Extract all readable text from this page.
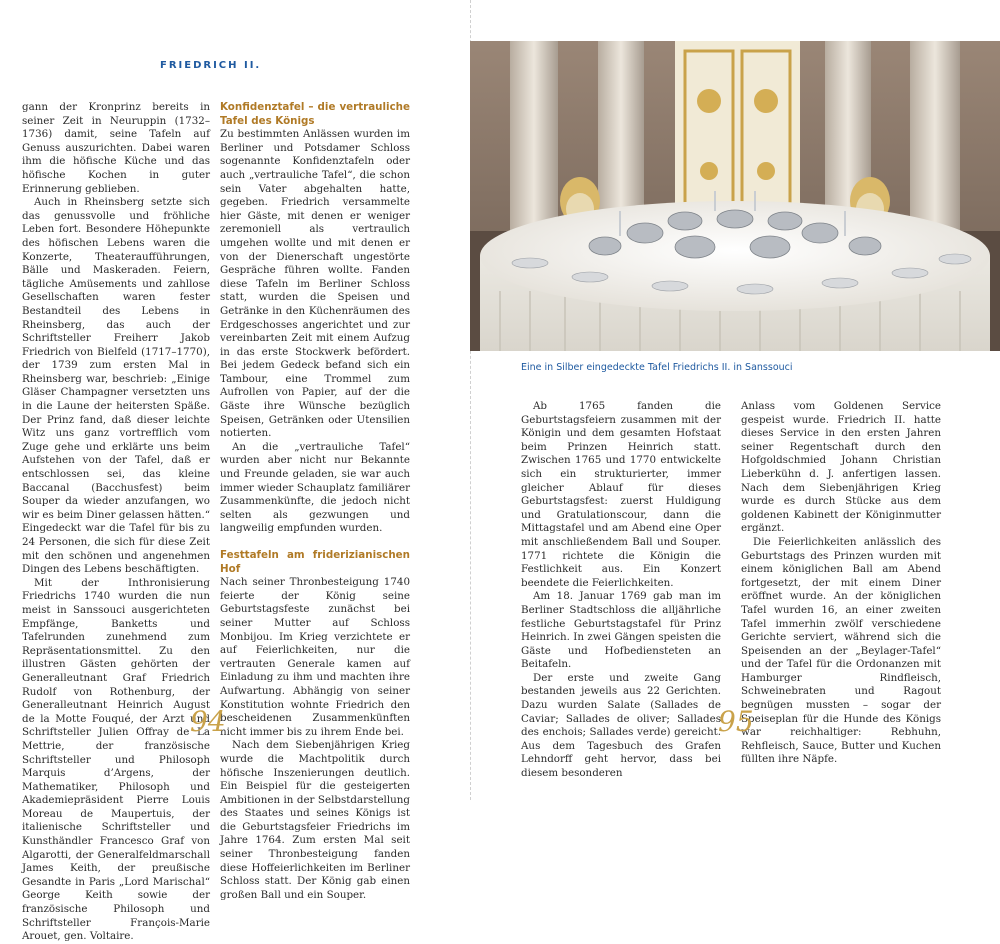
FRIEDRICH II.

gann der Kronprinz bereits in seiner Zeit in Neuruppin (1732–1736) damit, seine Tafeln auf Genuss auszurichten. Dabei waren ihm die höfische Küche und das höfische Kochen in guter Erinnerung geblieben.

Auch in Rheinsberg setzte sich das genussvolle und fröhliche Leben fort. Besondere Höhepunkte des höfischen Lebens waren die Konzerte, Theateraufführungen, Bälle und Maskeraden. Feiern, tägliche Amüsements und zahllose Gesellschaften waren fester Bestandteil des Lebens in Rheinsberg, das auch der Schriftsteller Freiherr Jakob Friedrich von Bielfeld (1717–1770), der 1739 zum ersten Mal in Rheinsberg war, beschrieb: „Einige Gläser Champagner versetzten uns in die Laune der heitersten Späße. Der Prinz fand, daß dieser leichte Witz uns ganz vortrefflich vom Zuge gehe und erklärte uns beim Aufstehen von der Tafel, daß er entschlossen sei, das kleine Baccanal (Bacchusfest) beim Souper da wieder anzufangen, wo wir es beim Diner gelassen hätten.“ Eingedeckt war die Tafel für bis zu 24 Personen, die sich für diese Zeit mit den schönen und angenehmen Dingen des Lebens beschäftigten.

Mit der Inthronisierung Friedrichs 1740 wurden die nun meist in Sanssouci ausgerichteten Empfänge, Banketts und Tafelrunden zunehmend zum Repräsentationsmittel. Zu den illustren Gästen gehörten der Generalleutnant Graf Friedrich Rudolf von Rothenburg, der Generalleutnant Heinrich August de la Motte Fouqué, der Arzt und Schriftsteller Julien Offray de La Mettrie, der französische Schriftsteller und Philosoph Marquis d’Argens, der Mathematiker, Philosoph und Akademiepräsident Pierre Louis Moreau de Maupertuis, der italienische Schriftsteller und Kunsthändler Francesco Graf von Algarotti, der Generalfeldmarschall James Keith, der preußische Gesandte in Paris „Lord Marischal“ George Keith sowie der französische Philosoph und Schriftsteller François-Marie Arouet, gen. Voltaire.

Konfidenztafel – die vertrauliche Tafel des Königs

Zu bestimmten Anlässen wurden im Berliner und Potsdamer Schloss sogenannte Konfidenztafeln oder auch „vertrauliche Tafel“, die schon sein Vater abgehalten hatte, gegeben. Friedrich versammelte hier Gäste, mit denen er weniger zeremoniell als vertraulich umgehen wollte und mit denen er von der Dienerschaft ungestörte Gespräche führen wollte. Fanden diese Tafeln im Berliner Schloss statt, wurden die Speisen und Getränke in den Küchenräumen des Erdgeschosses angerichtet und zur vereinbarten Zeit mit einem Aufzug in das erste Stockwerk befördert. Bei jedem Gedeck befand sich ein Tambour, eine Trommel zum Aufrollen von Papier, auf der die Gäste ihre Wünsche bezüglich Speisen, Getränken oder Utensilien notierten.

An die „vertrauliche Tafel“ wurden aber nicht nur Bekannte und Freunde geladen, sie war auch immer wieder Schauplatz familiärer Zusammenkünfte, die jedoch nicht selten als gezwungen und langweilig empfunden wurden.

Festtafeln am friderizianischen Hof

Nach seiner Thronbesteigung 1740 feierte der König seine Geburtstagsfeste zunächst bei seiner Mutter auf Schloss Monbijou. Im Krieg verzichtete er auf Feierlichkeiten, nur die vertrauten Generale kamen auf Einladung zu ihm und machten ihre Aufwartung. Abhängig von seiner Konstitution wohnte Friedrich den bescheidenen Zusammenkünften nicht immer bis zu ihrem Ende bei.

Nach dem Siebenjährigen Krieg wurde die Machtpolitik durch höfische Inszenierungen deutlich. Ein Beispiel für die gesteigerten Ambitionen in der Selbstdarstellung des Staates und seines Königs ist die Geburtstagsfeier Friedrichs im Jahre 1764. Zum ersten Mal seit seiner Thronbesteigung fanden diese Hoffeierlichkeiten im Berliner Schloss statt. Der König gab einen großen Ball und ein Souper.

Eine in Silber eingedeckte Tafel Friedrichs II. in Sanssouci

Ab 1765 fanden die Geburtstagsfeiern zusammen mit der Königin und dem gesamten Hofstaat beim Prinzen Heinrich statt. Zwischen 1765 und 1770 entwickelte sich ein strukturierter, immer gleicher Ablauf für dieses Geburtstagsfest: zuerst Huldigung und Gratulationscour, dann die Mittagstafel und am Abend eine Oper mit anschließendem Ball und Souper. 1771 richtete die Königin die Festlichkeit aus. Ein Konzert beendete die Feierlichkeiten.

Am 18. Januar 1769 gab man im Berliner Stadtschloss die alljährliche festliche Geburtstagstafel für Prinz Heinrich. In zwei Gängen speisten die Gäste und Hofbediensteten an Beitafeln.

Der erste und zweite Gang bestanden jeweils aus 22 Gerichten. Dazu wurden Salate (Sallades de Caviar; Sallades de oliver; Sallades des enchois; Sallades verde) gereicht. Aus dem Tagesbuch des Grafen Lehndorff geht hervor, dass bei diesem besonderen

Anlass vom Goldenen Service gespeist wurde. Friedrich II. hatte dieses Service in den ersten Jahren seiner Regentschaft durch den Hofgoldschmied Johann Christian Lieberkühn d. J. anfertigen lassen. Nach dem Siebenjährigen Krieg wurde es durch Stücke aus dem goldenen Kabinett der Königinmutter ergänzt.

Die Feierlichkeiten anlässlich des Geburtstags des Prinzen wurden mit einem königlichen Ball am Abend fortgesetzt, der mit einem Diner eröffnet wurde. An der königlichen Tafel wurden 16, an einer zweiten Tafel immerhin zwölf verschiedene Gerichte serviert, während sich die Speisenden an der „Beylager-Tafel“ und der Tafel für die Ordonanzen mit Hamburger Rindfleisch, Schweinebraten und Ragout begnügen mussten – sogar der Speiseplan für die Hunde des Königs war reichhaltiger: Rebhuhn, Rehfleisch, Sauce, Butter und Kuchen füllten ihre Näpfe.

94	95
